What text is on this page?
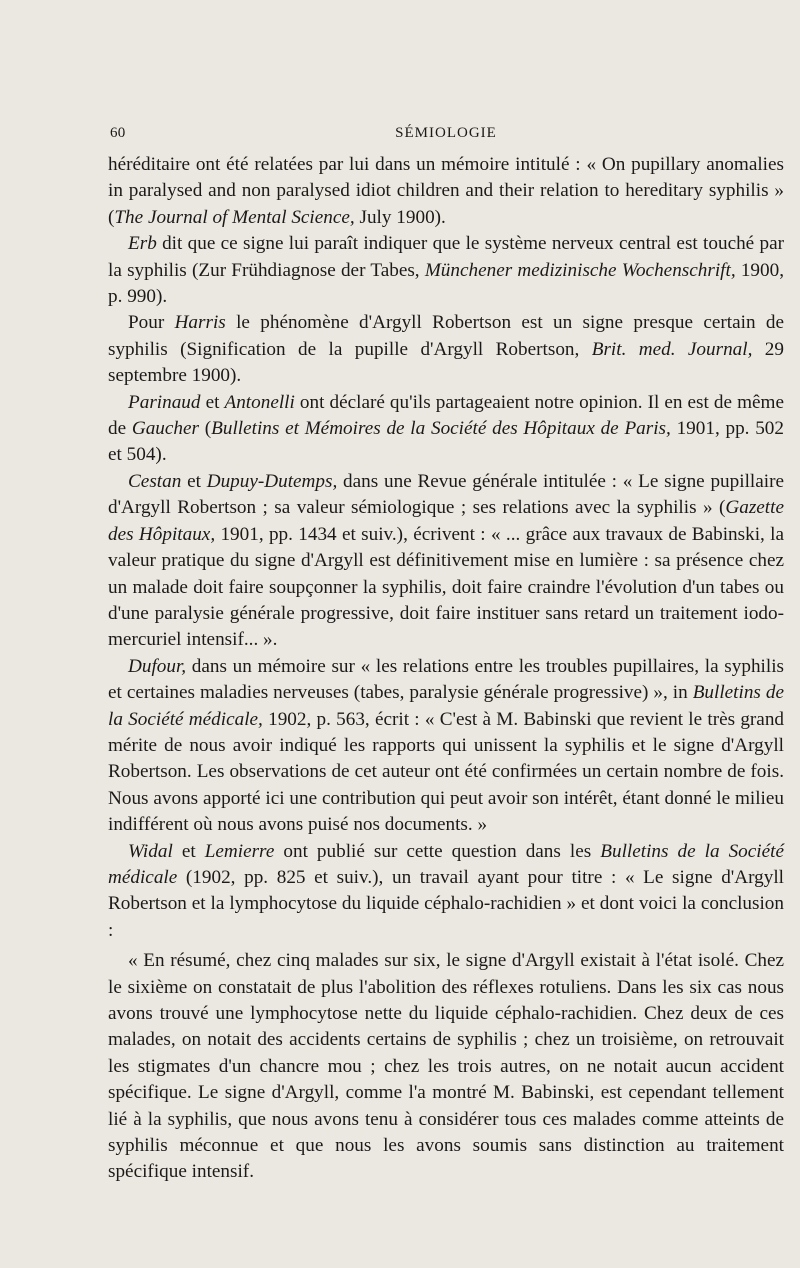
60	SÉMIOLOGIE

héréditaire ont été relatées par lui dans un mémoire intitulé : « On pupillary anomalies in paralysed and non paralysed idiot children and their relation to hereditary syphilis » (The Journal of Mental Science, July 1900).

Erb dit que ce signe lui paraît indiquer que le système nerveux central est touché par la syphilis (Zur Frühdiagnose der Tabes, Münchener medizinische Wochenschrift, 1900, p. 990).

Pour Harris le phénomène d'Argyll Robertson est un signe presque certain de syphilis (Signification de la pupille d'Argyll Robertson, Brit. med. Journal, 29 septembre 1900).

Parinaud et Antonelli ont déclaré qu'ils partageaient notre opinion. Il en est de même de Gaucher (Bulletins et Mémoires de la Société des Hôpitaux de Paris, 1901, pp. 502 et 504).

Cestan et Dupuy-Dutemps, dans une Revue générale intitulée : « Le signe pupillaire d'Argyll Robertson ; sa valeur sémiologique ; ses relations avec la syphilis » (Gazette des Hôpitaux, 1901, pp. 1434 et suiv.), écrivent : « ... grâce aux travaux de Babinski, la valeur pratique du signe d'Argyll est définitivement mise en lumière : sa présence chez un malade doit faire soupçonner la syphilis, doit faire craindre l'évolution d'un tabes ou d'une paralysie générale progressive, doit faire instituer sans retard un traitement iodo-mercuriel intensif... ».

Dufour, dans un mémoire sur « les relations entre les troubles pupillaires, la syphilis et certaines maladies nerveuses (tabes, paralysie générale progressive) », in Bulletins de la Société médicale, 1902, p. 563, écrit : « C'est à M. Babinski que revient le très grand mérite de nous avoir indiqué les rapports qui unissent la syphilis et le signe d'Argyll Robertson. Les observations de cet auteur ont été confirmées un certain nombre de fois. Nous avons apporté ici une contribution qui peut avoir son intérêt, étant donné le milieu indifférent où nous avons puisé nos documents. »

Widal et Lemierre ont publié sur cette question dans les Bulletins de la Société médicale (1902, pp. 825 et suiv.), un travail ayant pour titre : « Le signe d'Argyll Robertson et la lymphocytose du liquide céphalo-rachidien » et dont voici la conclusion :

« En résumé, chez cinq malades sur six, le signe d'Argyll existait à l'état isolé. Chez le sixième on constatait de plus l'abolition des réflexes rotuliens. Dans les six cas nous avons trouvé une lymphocytose nette du liquide céphalo-rachidien. Chez deux de ces malades, on notait des accidents certains de syphilis ; chez un troisième, on retrouvait les stigmates d'un chancre mou ; chez les trois autres, on ne notait aucun accident spécifique. Le signe d'Argyll, comme l'a montré M. Babinski, est cependant tellement lié à la syphilis, que nous avons tenu à considérer tous ces malades comme atteints de syphilis méconnue et que nous les avons soumis sans distinction au traitement spécifique intensif.
